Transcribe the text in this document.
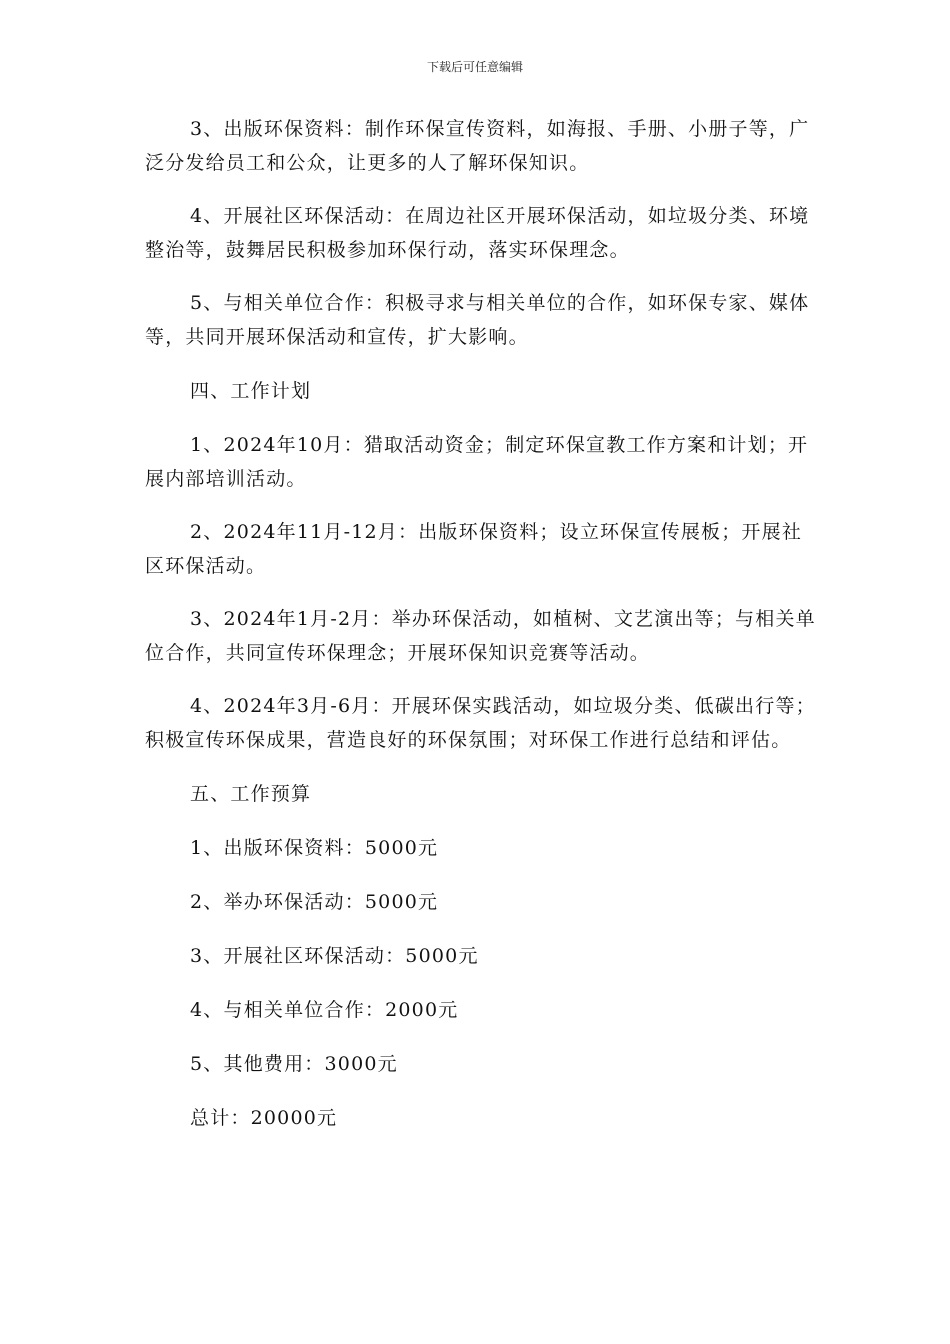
下载后可任意编辑

3、出版环保资料：制作环保宣传资料，如海报、手册、小册子等，广泛分发给员工和公众，让更多的人了解环保知识。

4、开展社区环保活动：在周边社区开展环保活动，如垃圾分类、环境整治等，鼓舞居民积极参加环保行动，落实环保理念。

5、与相关单位合作：积极寻求与相关单位的合作，如环保专家、媒体等，共同开展环保活动和宣传，扩大影响。

四、工作计划

1、2024年10月：猎取活动资金；制定环保宣教工作方案和计划；开展内部培训活动。

2、2024年11月-12月：出版环保资料；设立环保宣传展板；开展社区环保活动。

3、2024年1月-2月：举办环保活动，如植树、文艺演出等；与相关单位合作，共同宣传环保理念；开展环保知识竞赛等活动。

4、2024年3月-6月：开展环保实践活动，如垃圾分类、低碳出行等；积极宣传环保成果，营造良好的环保氛围；对环保工作进行总结和评估。

五、工作预算

1、出版环保资料：5000元

2、举办环保活动：5000元

3、开展社区环保活动：5000元

4、与相关单位合作：2000元

5、其他费用：3000元

总计：20000元
